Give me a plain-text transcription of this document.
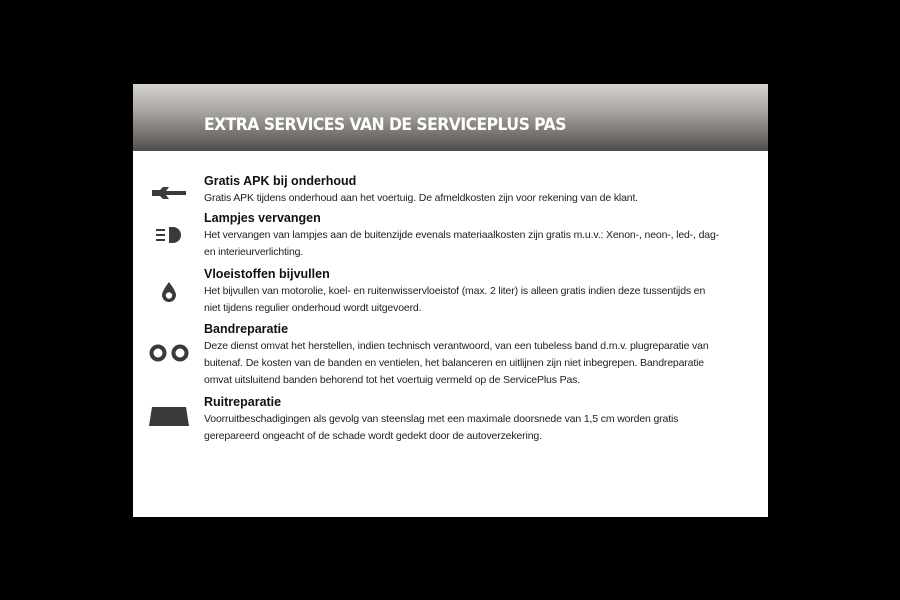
EXTRA SERVICES VAN DE SERVICEPLUS PAS
Gratis APK bij onderhoud
Gratis APK tijdens onderhoud aan het voertuig. De afmeldkosten zijn voor rekening van de klant.
Lampjes vervangen
Het vervangen van lampjes aan de buitenzijde evenals materiaalkosten zijn gratis m.u.v.: Xenon-, neon-, led-, dag- en interieurverlichting.
Vloeistoffen bijvullen
Het bijvullen van motorolie, koel- en ruitenwisservloeistof (max. 2 liter) is alleen gratis indien deze tussentijds en niet tijdens regulier onderhoud wordt uitgevoerd.
Bandreparatie
Deze dienst omvat het herstellen, indien technisch verantwoord, van een tubeless band d.m.v. plugreparatie van buitenaf. De kosten van de banden en ventielen, het balanceren en uitlijnen zijn niet inbegrepen. Bandreparatie omvat uitsluitend banden behorend tot het voertuig vermeld op de ServicePlus Pas.
Ruitreparatie
Voorruitbeschadigingen als gevolg van steenslag met een maximale doorsnede van 1,5 cm worden gratis gerepareerd ongeacht of de schade wordt gedekt door de autoverzekering.
